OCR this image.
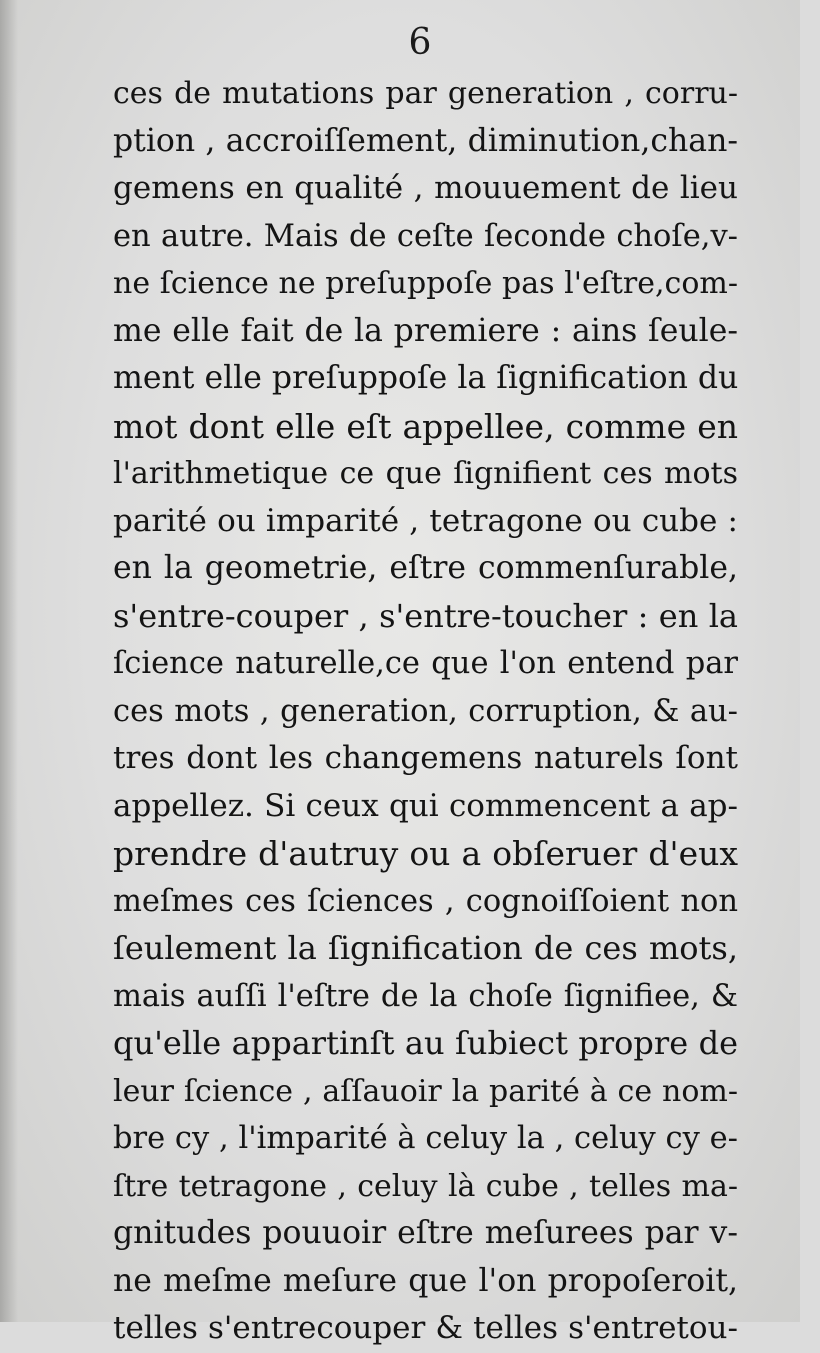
6
ces de mutations par generation , corru-
ption , accroiſſement, diminution,chan-
gemens en qualité , mouuement de lieu
en autre. Mais de ceſte ſeconde choſe,v-
ne ſcience ne preſuppoſe pas l'eſtre,com-
me elle fait de la premiere : ains ſeule-
ment elle preſuppoſe la ſignification du
mot dont elle eſt appellee, comme en
l'arithmetique ce que ſignifient ces mots
parité ou imparité , tetragone ou cube :
en la geometrie, eſtre commenſurable,
s'entre-couper , s'entre-toucher : en la
ſcience naturelle,ce que l'on entend par
ces mots , generation, corruption, & au-
tres dont les changemens naturels ſont
appellez. Si ceux qui commencent a ap-
prendre d'autruy ou a obſeruer d'eux
meſmes ces ſciences , cognoiſſoient non
ſeulement la ſignification de ces mots,
mais auſſi l'eſtre de la choſe ſignifiee, &
qu'elle appartinſt au ſubiect propre de
leur ſcience , aſſauoir la parité à ce nom-
bre cy , l'imparité à celuy la , celuy cy e-
ſtre tetragone , celuy là cube , telles ma-
gnitudes pouuoir eſtre meſurees par v-
ne meſme meſure que l'on propoſeroit,
telles s'entrecouper & telles s'entretou-
